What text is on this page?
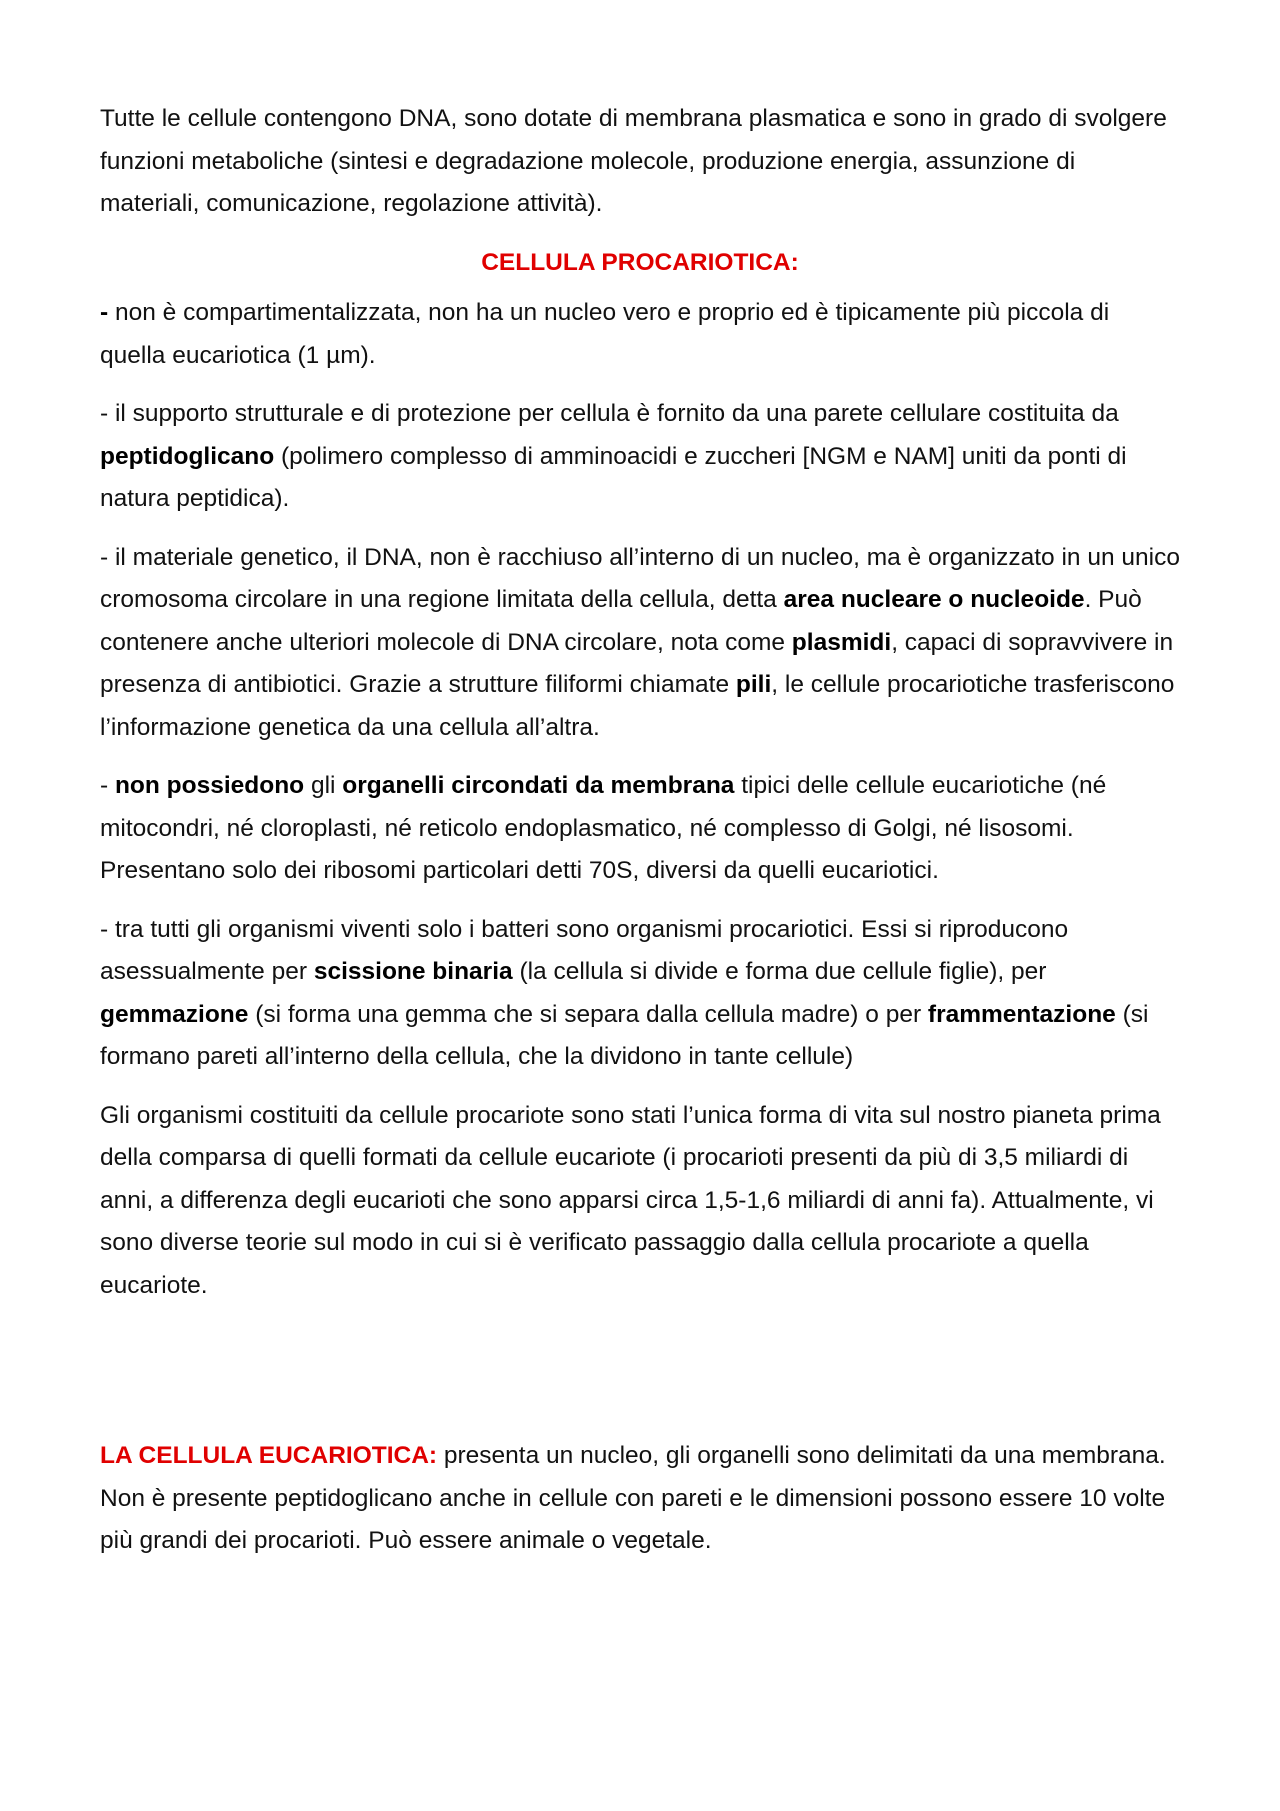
Tutte le cellule contengono DNA, sono dotate di membrana plasmatica e sono in grado di svolgere funzioni metaboliche (sintesi e degradazione molecole, produzione energia, assunzione di materiali, comunicazione, regolazione attività).

CELLULA PROCARIOTICA:

- non è compartimentalizzata, non ha un nucleo vero e proprio ed è tipicamente più piccola di quella eucariotica (1 µm).

- il supporto strutturale e di protezione per cellula è fornito da una parete cellulare costituita da peptidoglicano (polimero complesso di amminoacidi e zuccheri [NGM e NAM] uniti da ponti di natura peptidica).

- il materiale genetico, il DNA, non è racchiuso all’interno di un nucleo, ma è organizzato in un unico cromosoma circolare in una regione limitata della cellula, detta area nucleare o nucleoide. Può contenere anche ulteriori molecole di DNA circolare, nota come plasmidi, capaci di sopravvivere in presenza di antibiotici. Grazie a strutture filiformi chiamate pili, le cellule procariotiche trasferiscono l’informazione genetica da una cellula all’altra.

- non possiedono gli organelli circondati da membrana tipici delle cellule eucariotiche (né mitocondri, né cloroplasti, né reticolo endoplasmatico, né complesso di Golgi, né lisosomi. Presentano solo dei ribosomi particolari detti 70S, diversi da quelli eucariotici.

- tra tutti gli organismi viventi solo i batteri sono organismi procariotici. Essi si riproducono asessualmente per scissione binaria (la cellula si divide e forma due cellule figlie), per gemmazione (si forma una gemma che si separa dalla cellula madre) o per frammentazione (si formano pareti all’interno della cellula, che la dividono in tante cellule)

Gli organismi costituiti da cellule procariote sono stati l’unica forma di vita sul nostro pianeta prima della comparsa di quelli formati da cellule eucariote (i procarioti presenti da più di 3,5 miliardi di anni, a differenza degli eucarioti che sono apparsi circa 1,5-1,6 miliardi di anni fa). Attualmente, vi sono diverse teorie sul modo in cui si è verificato passaggio dalla cellula procariote a quella eucariote.

LA CELLULA EUCARIOTICA: presenta un nucleo, gli organelli sono delimitati da una membrana. Non è presente peptidoglicano anche in cellule con pareti e le dimensioni possono essere 10 volte più grandi dei procarioti. Può essere animale o vegetale.
